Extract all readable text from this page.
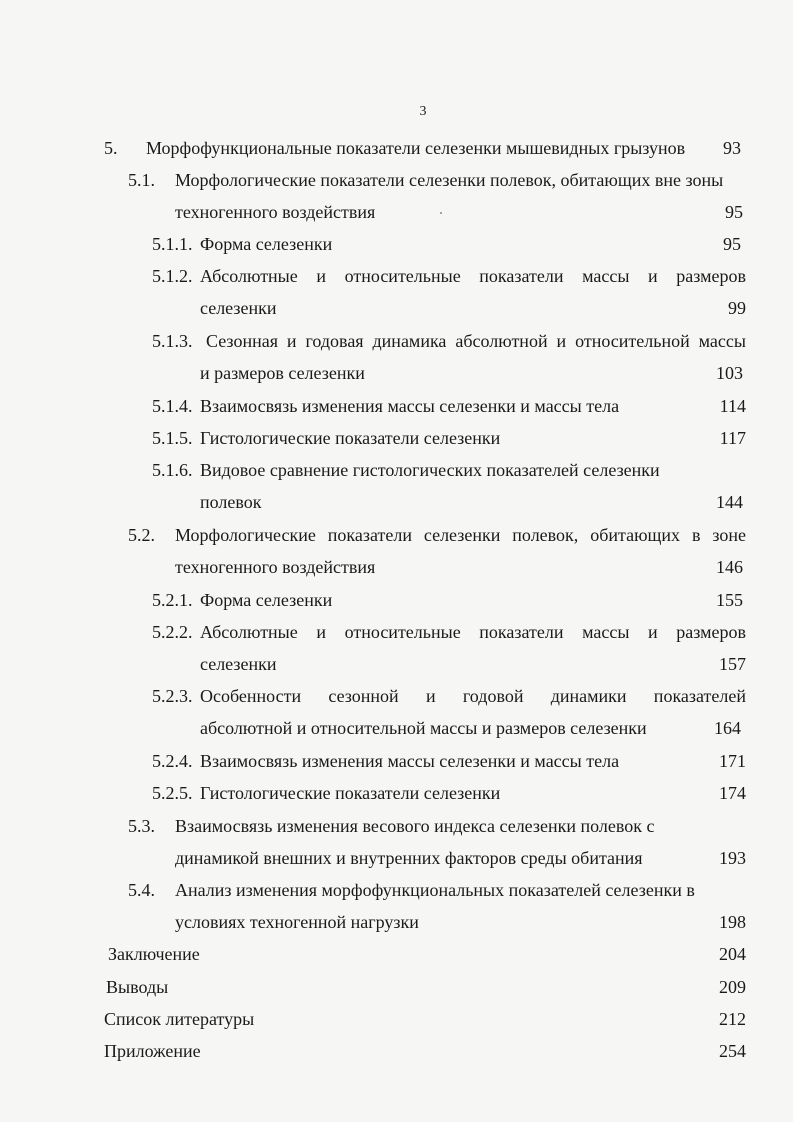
3
5. Морфофункциональные показатели селезенки мышевидных грызунов 93
5.1. Морфологические показатели селезенки полевок, обитающих вне зоны
техногенного воздействия	95
5.1.1. Форма селезенки	95
5.1.2. Абсолютные и относительные показатели массы и размеров
селезенки	99
5.1.3. Сезонная и годовая динамика абсолютной и относительной массы
и размеров селезенки	103
5.1.4. Взаимосвязь изменения массы селезенки и массы тела	114
5.1.5. Гистологические показатели селезенки	117
5.1.6. Видовое сравнение гистологических показателей селезенки
полевок	144
5.2. Морфологические показатели селезенки полевок, обитающих в зоне
техногенного воздействия	146
5.2.1. Форма селезенки	155
5.2.2. Абсолютные и относительные показатели массы и размеров
селезенки	157
5.2.3. Особенности сезонной и годовой динамики показателей
абсолютной и относительной массы и размеров селезенки	164
5.2.4. Взаимосвязь изменения массы селезенки и массы тела	171
5.2.5. Гистологические показатели селезенки	174
5.3. Взаимосвязь изменения весового индекса селезенки полевок с
динамикой внешних и внутренних факторов среды обитания	193
5.4. Анализ изменения морфофункциональных показателей селезенки в
условиях техногенной нагрузки	198
Заключение	204
Выводы	209
Список литературы	212
Приложение	254
